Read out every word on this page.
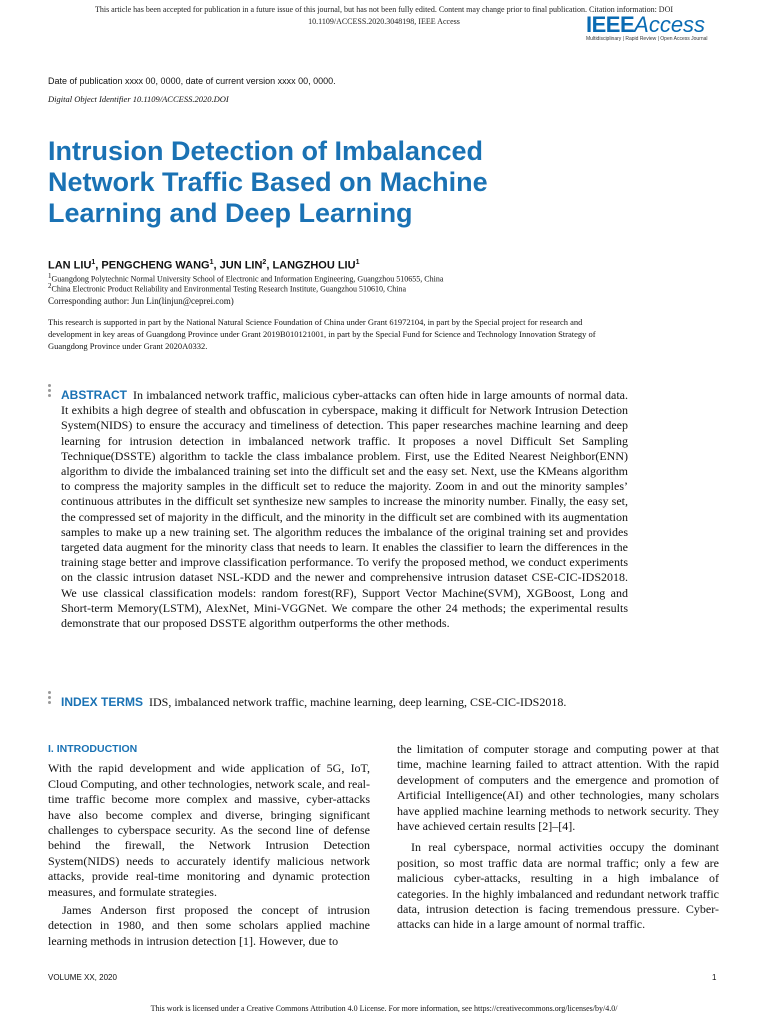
This article has been accepted for publication in a future issue of this journal, but has not been fully edited. Content may change prior to final publication. Citation information: DOI
10.1109/ACCESS.2020.3048198, IEEE Access	IEEEAccess
Multidisciplinary | Rapid Review | Open Access Journal
Date of publication xxxx 00, 0000, date of current version xxxx 00, 0000.
Digital Object Identifier 10.1109/ACCESS.2020.DOI
Intrusion Detection of Imbalanced Network Traffic Based on Machine Learning and Deep Learning
LAN LIU$^1$, PENGCHENG WANG$^1$, JUN LIN$^2$, LANGZHOU LIU$^1$
$^1$Guangdong Polytechnic Normal University School of Electronic and Information Engineering, Guangzhou 510655, China
$^2$China Electronic Product Reliability and Environmental Testing Research Institute, Guangzhou 510610, China
Corresponding author: Jun Lin(linjun@ceprei.com)
This research is supported in part by the National Natural Science Foundation of China under Grant 61972104, in part by the Special project for research and development in key areas of Guangdong Province under Grant 2019B010121001, in part by the Special Fund for Science and Technology Innovation Strategy of Guangdong Province under Grant 2020A0332.
ABSTRACT In imbalanced network traffic, malicious cyber-attacks can often hide in large amounts of normal data. It exhibits a high degree of stealth and obfuscation in cyberspace, making it difficult for Network Intrusion Detection System(NIDS) to ensure the accuracy and timeliness of detection. This paper researches machine learning and deep learning for intrusion detection in imbalanced network traffic. It proposes a novel Difficult Set Sampling Technique(DSSTE) algorithm to tackle the class imbalance problem. First, use the Edited Nearest Neighbor(ENN) algorithm to divide the imbalanced training set into the difficult set and the easy set. Next, use the KMeans algorithm to compress the majority samples in the difficult set to reduce the majority. Zoom in and out the minority samples’ continuous attributes in the difficult set synthesize new samples to increase the minority number. Finally, the easy set, the compressed set of majority in the difficult, and the minority in the difficult set are combined with its augmentation samples to make up a new training set. The algorithm reduces the imbalance of the original training set and provides targeted data augment for the minority class that needs to learn. It enables the classifier to learn the differences in the training stage better and improve classification performance. To verify the proposed method, we conduct experiments on the classic intrusion dataset NSL-KDD and the newer and comprehensive intrusion dataset CSE-CIC-IDS2018. We use classical classification models: random forest(RF), Support Vector Machine(SVM), XGBoost, Long and Short-term Memory(LSTM), AlexNet, Mini-VGGNet. We compare the other 24 methods; the experimental results demonstrate that our proposed DSSTE algorithm outperforms the other methods.
INDEX TERMS IDS, imbalanced network traffic, machine learning, deep learning, CSE-CIC-IDS2018.
I. INTRODUCTION

With the rapid development and wide application of 5G, IoT, Cloud Computing, and other technologies, network scale, and real-time traffic become more complex and massive, cyber-attacks have also become complex and diverse, bringing significant challenges to cyberspace security. As the second line of defense behind the firewall, the Network Intrusion Detection System(NIDS) needs to accurately identify malicious network attacks, provide real-time monitoring and dynamic protection measures, and formulate strategies.

James Anderson first proposed the concept of intrusion detection in 1980, and then some scholars applied machine learning methods in intrusion detection [1]. However, due to

the limitation of computer storage and computing power at that time, machine learning failed to attract attention. With the rapid development of computers and the emergence and promotion of Artificial Intelligence(AI) and other technologies, many scholars have applied machine learning methods to network security. They have achieved certain results [2]–[4].

In real cyberspace, normal activities occupy the dominant position, so most traffic data are normal traffic; only a few are malicious cyber-attacks, resulting in a high imbalance of categories. In the highly imbalanced and redundant network traffic data, intrusion detection is facing tremendous pressure. Cyber-attacks can hide in a large amount of normal traffic.

VOLUME XX, 2020	1
This work is licensed under a Creative Commons Attribution 4.0 License. For more information, see https://creativecommons.org/licenses/by/4.0/
